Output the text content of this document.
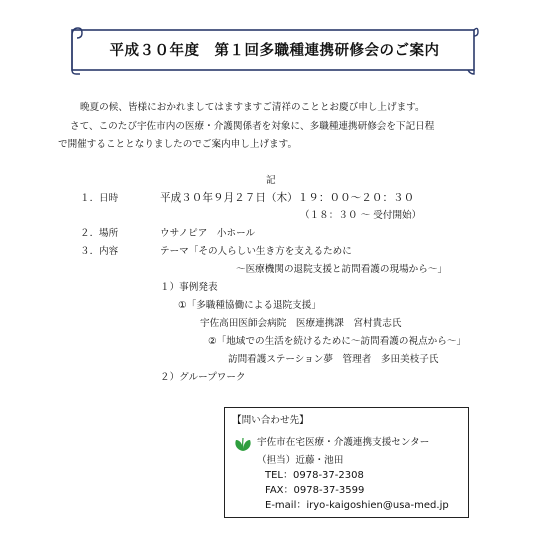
平成３０年度　第１回多職種連携研修会のご案内
晩夏の候、皆様におかれましてはますますご清祥のこととお慶び申し上げます。
さて、このたび宇佐市内の医療・介護関係者を対象に、多職種連携研修会を下記日程
で開催することとなりましたのでご案内申し上げます。
記
１． 日時	平成３０年９月２７日（木）１９：００～２０：３０
（１８：３０ ～ 受付開始）
２． 場所	ウサノピア　小ホール
３． 内容	テーマ「その人らしい生き方を支えるために
～医療機関の退院支援と訪問看護の現場から～」
１）事例発表
①「多職種協働による退院支援」
宇佐高田医師会病院　医療連携課　宮村貴志氏
②「地域での生活を続けるために～訪問看護の視点から～」
訪問看護ステーション夢　管理者　多田美枝子氏
２）グループワーク
【問い合わせ先】
宇佐市在宅医療・介護連携支援センター
（担当）近藤・池田
TEL：0978-37-2308
FAX：0978-37-3599
E-mail：iryo-kaigoshien@usa-med.jp
